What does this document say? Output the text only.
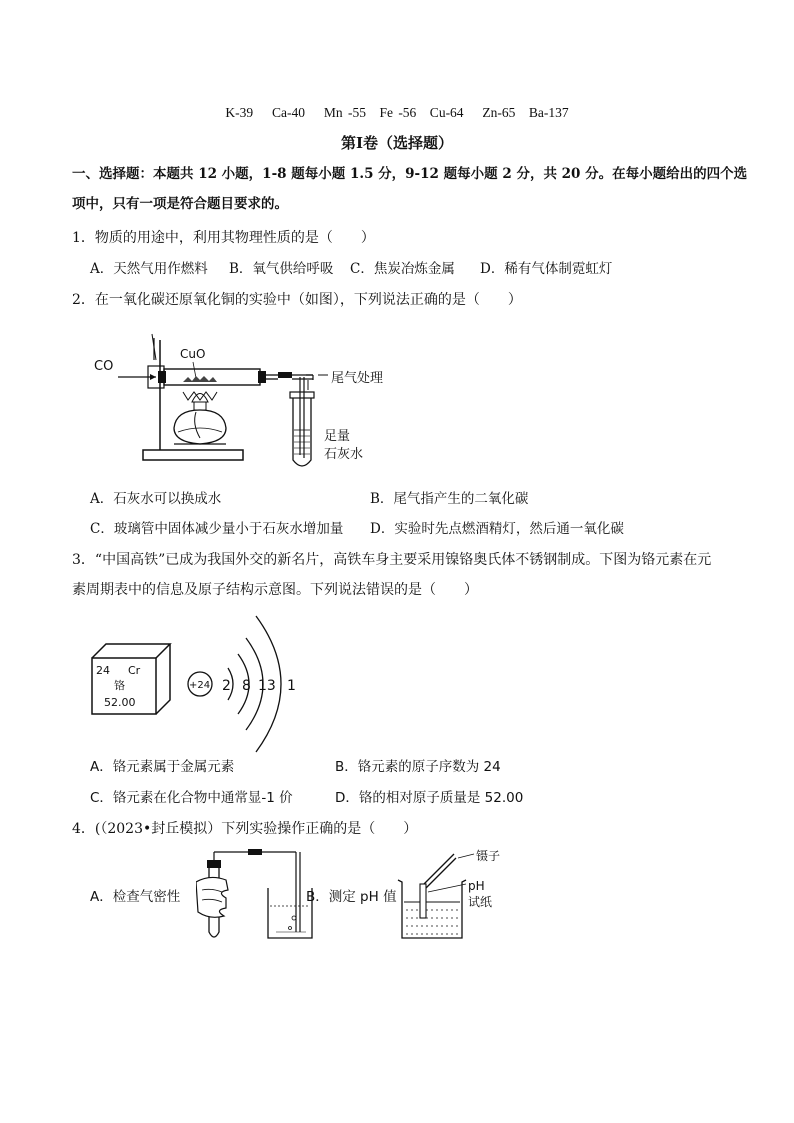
K-39　 Ca-40　 Mn -55　Fe -56　Cu-64　 Zn-65　Ba-137
第Ⅰ卷（选择题）
一、选择题：本题共 12 小题，1-8 题每小题 1.5 分，9-12 题每小题 2 分，共 20 分。在每小题给出的四个选
项中，只有一项是符合题目要求的。
1．物质的用途中，利用其物理性质的是（　　）
A．天然气用作燃料 B．氧气供给呼吸 C．焦炭冶炼金属 D．稀有气体制霓虹灯
2．在一氧化碳还原氧化铜的实验中（如图），下列说法正确的是（　　）
CO
CuO
尾气处理
足量
石灰水
A．石灰水可以换成水	B．尾气指产生的二氧化碳
C．玻璃管中固体减少量小于石灰水增加量 D．实验时先点燃酒精灯，然后通一氧化碳
3．“中国高铁”已成为我国外交的新名片，高铁车身主要采用镍铬奥氏体不锈钢制成。下图为铬元素在元
素周期表中的信息及原子结构示意图。下列说法错误的是（　　）
24 Cr
铬
52.00
+24 2 8 13 1
A．铬元素属于金属元素	B．铬元素的原子序数为 24
C．铬元素在化合物中通常显-1 价	D．铬的相对原子质量是 52.00
4．(（2023•封丘模拟）下列实验操作正确的是（　　）
A．检查气密性	B．测定 pH 值
镊子
pH
试纸
